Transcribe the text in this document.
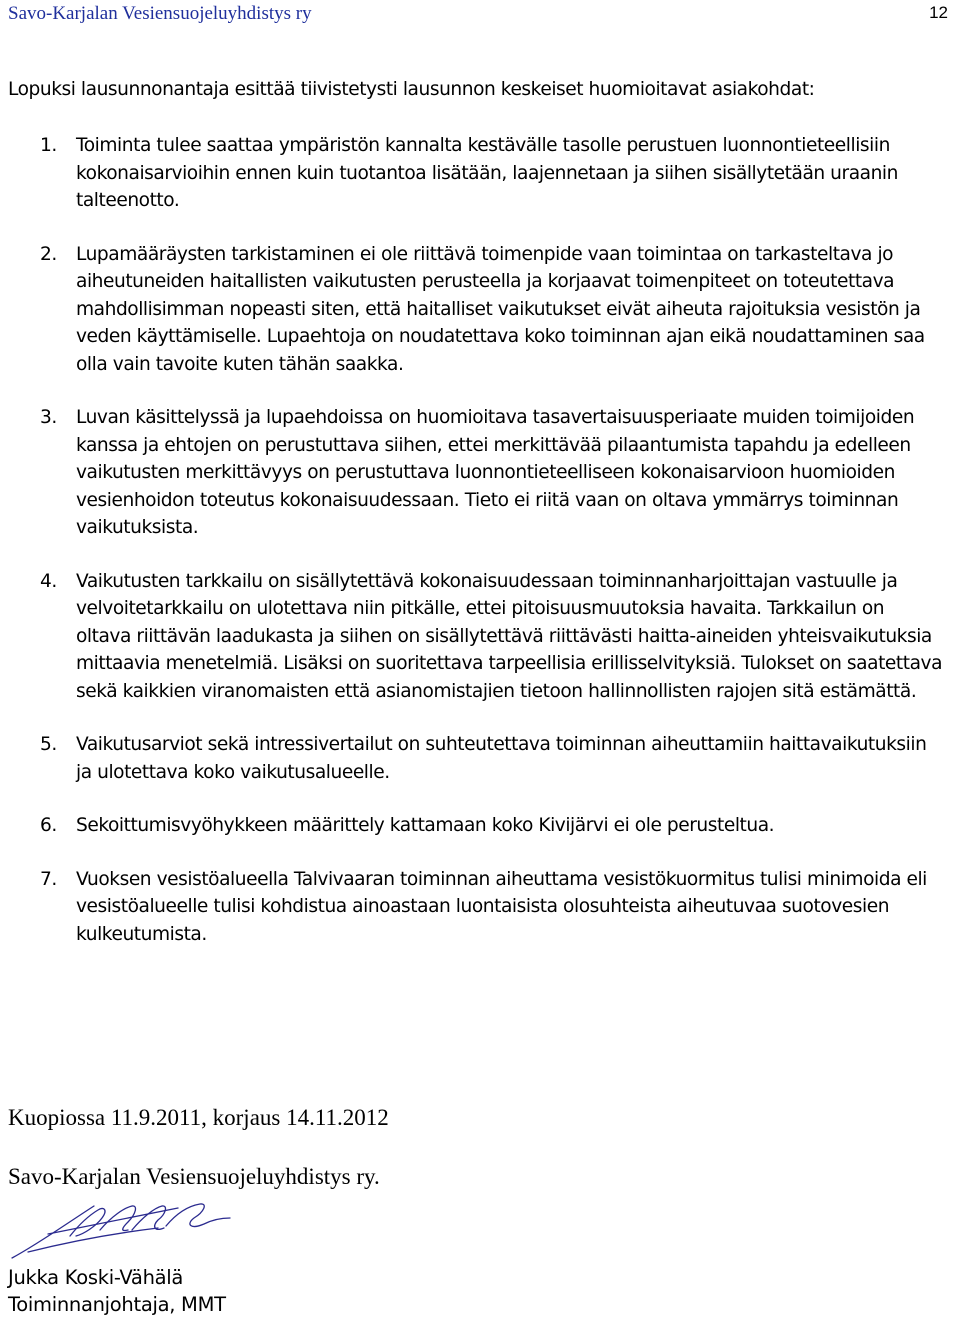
Savo-Karjalan Vesiensuojeluyhdistys ry	12

Lopuksi lausunnonantaja esittää tiivistetysti lausunnon keskeiset huomioitavat asiakohdat:

1. Toiminta tulee saattaa ympäristön kannalta kestävälle tasolle perustuen luonnontieteellisiin kokonaisarvioihin ennen kuin tuotantoa lisätään, laajennetaan ja siihen sisällytetään uraanin talteenotto.
2. Lupamääräysten tarkistaminen ei ole riittävä toimenpide vaan toimintaa on tarkasteltava jo aiheutuneiden haitallisten vaikutusten perusteella ja korjaavat toimenpiteet on toteutettava mahdollisimman nopeasti siten, että haitalliset vaikutukset eivät aiheuta rajoituksia vesistön ja veden käyttämiselle. Lupaehtoja on noudatettava koko toiminnan ajan eikä noudattaminen saa olla vain tavoite kuten tähän saakka.
3. Luvan käsittelyssä ja lupaehdoissa on huomioitava tasavertaisuusperiaate muiden toimijoiden kanssa ja ehtojen on perustuttava siihen, ettei merkittävää pilaantumista tapahdu ja edelleen vaikutusten merkittävyys on perustuttava luonnontieteelliseen kokonaisarvioon huomioiden vesienhoidon toteutus kokonaisuudessaan. Tieto ei riitä vaan on oltava ymmärrys toiminnan vaikutuksista.
4. Vaikutusten tarkkailu on sisällytettävä kokonaisuudessaan toiminnanharjoittajan vastuulle ja velvoitetarkkailu on ulotettava niin pitkälle, ettei pitoisuusmuutoksia havaita. Tarkkailun on oltava riittävän laadukasta ja siihen on sisällytettävä riittävästi haitta-aineiden yhteisvaikutuksia mittaavia menetelmiä. Lisäksi on suoritettava tarpeellisia erillisselvityksiä. Tulokset on saatettava sekä kaikkien viranomaisten että asianomistajien tietoon hallinnollisten rajojen sitä estämättä.
5. Vaikutusarviot sekä intressivertailut on suhteutettava toiminnan aiheuttamiin haittavaikutuksiin ja ulotettava koko vaikutusalueelle.
6. Sekoittumisvyöhykkeen määrittely kattamaan koko Kivijärvi ei ole perusteltua.
7. Vuoksen vesistöalueella Talvivaaran toiminnan aiheuttama vesistökuormitus tulisi minimoida eli vesistöalueelle tulisi kohdistua ainoastaan luontaisista olosuhteista aiheutuvaa suotovesien kulkeutumista.

Kuopiossa 11.9.2011, korjaus 14.11.2012

Savo-Karjalan Vesiensuojeluyhdistys ry.

Jukka Koski-Vähälä

Toiminnanjohtaja, MMT
